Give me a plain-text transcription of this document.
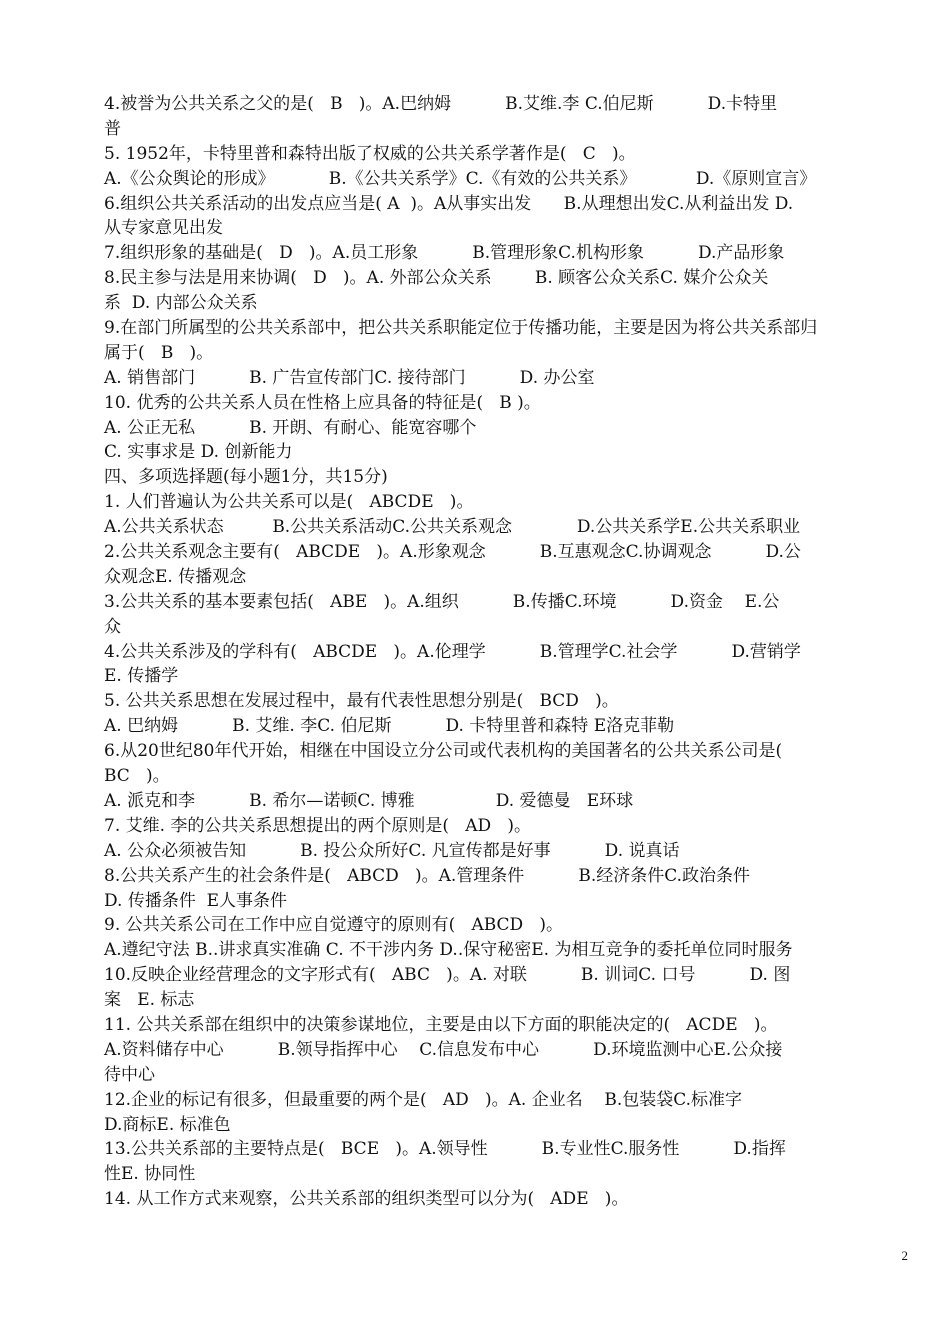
4.被誉为公共关系之父的是(   B   )。A.巴纳姆          B.艾维.李 C.伯尼斯          D.卡特里
普
5. 1952年，卡特里普和森特出版了权威的公共关系学著作是(   C   )。
A.《公众舆论的形成》          B.《公共关系学》C.《有效的公共关系》           D.《原则宣言》
6.组织公共关系活动的出发点应当是( A  )。A从事实出发      B.从理想出发C.从利益出发 D.
从专家意见出发
7.组织形象的基础是(   D   )。A.员工形象          B.管理形象C.机构形象          D.产品形象
8.民主参与法是用来协调(   D   )。A. 外部公众关系        B. 顾客公众关系C. 媒介公众关
系  D. 内部公众关系
9.在部门所属型的公共关系部中，把公共关系职能定位于传播功能，主要是因为将公共关系部归
属于(   B   )。
A. 销售部门          B. 广告宣传部门C. 接待部门          D. 办公室
10. 优秀的公共关系人员在性格上应具备的特征是(   B )。
A. 公正无私          B. 开朗、有耐心、能宽容哪个
C. 实事求是 D. 创新能力
四、多项选择题(每小题1分，共15分)
1. 人们普遍认为公共关系可以是(   ABCDE   )。
A.公共关系状态         B.公共关系活动C.公共关系观念            D.公共关系学E.公共关系职业
2.公共关系观念主要有(   ABCDE   )。A.形象观念          B.互惠观念C.协调观念          D.公
众观念E. 传播观念
3.公共关系的基本要素包括(   ABE   )。A.组织          B.传播C.环境          D.资金    E.公
众
4.公共关系涉及的学科有(   ABCDE   )。A.伦理学          B.管理学C.社会学          D.营销学
E. 传播学
5. 公共关系思想在发展过程中，最有代表性思想分别是(   BCD   )。
A. 巴纳姆          B. 艾维. 李C. 伯尼斯          D. 卡特里普和森特 E洛克菲勒
6.从20世纪80年代开始，相继在中国设立分公司或代表机构的美国著名的公共关系公司是(
BC   )。
A. 派克和李          B. 希尔—诺顿C. 博雅               D. 爱德曼   E环球
7. 艾维. 李的公共关系思想提出的两个原则是(   AD   )。
A. 公众必须被告知          B. 投公众所好C. 凡宣传都是好事          D. 说真话
8.公共关系产生的社会条件是(   ABCD   )。A.管理条件          B.经济条件C.政治条件
D. 传播条件  E人事条件
9. 公共关系公司在工作中应自觉遵守的原则有(   ABCD   )。
A.遵纪守法 B..讲求真实准确 C. 不干涉内务 D..保守秘密E. 为相互竞争的委托单位同时服务
10.反映企业经营理念的文字形式有(   ABC   )。A. 对联          B. 训词C. 口号          D. 图
案   E. 标志
11. 公共关系部在组织中的决策参谋地位，主要是由以下方面的职能决定的(   ACDE   )。
A.资料储存中心          B.领导指挥中心    C.信息发布中心          D.环境监测中心E.公众接
待中心
12.企业的标记有很多，但最重要的两个是(   AD   )。A. 企业名    B.包装袋C.标准字
D.商标E. 标准色
13.公共关系部的主要特点是(   BCE   )。A.领导性          B.专业性C.服务性          D.指挥
性E. 协同性
14. 从工作方式来观察，公共关系部的组织类型可以分为(   ADE   )。
2
